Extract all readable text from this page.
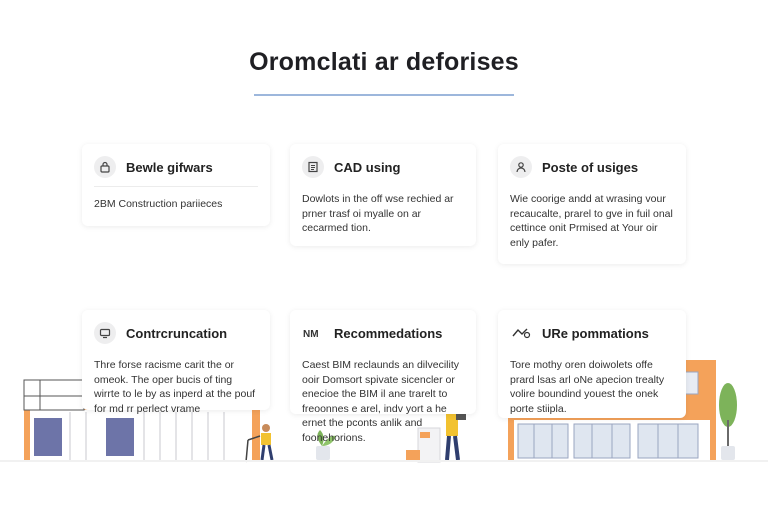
Oromclati ar deforises
Bewle gifwars
2BM Construction pariieces
CAD using
Dowlots in the off wse rechied ar prner trasf oi myalle on ar cecarmed tion.
Poste of usiges
Wie coorige andd at wrasing vour recaucalte, prarel to gve in fuil onal cettince onit Prmised at Your oir enly pafer.
Contrcruncation
Thre forse racisme carit the or omeok. The oper bucis of ting wirrte to le by as inperd at the pouf for md rr perlect vrame
NM Recommedations
Caest BIM reclaunds an dilvecility ooir Domsort spivate sicencler or enecioe the BIM il ane trarelt to freoonnes e arel, indv yort a he ernet the pconts anlik and foonehorions.
URe pommations
Tore mothy oren doiwolets offe prard lsas arl oNe apecion trealty volire boundind youest the onek porte stiipla.
